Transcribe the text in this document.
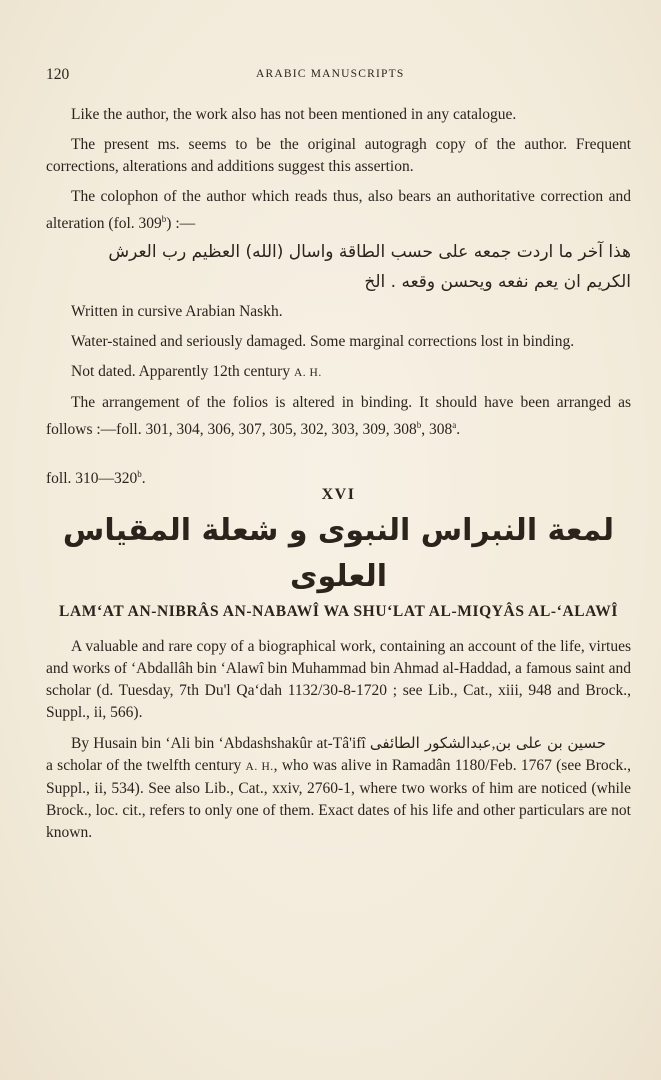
120	ARABIC MANUSCRIPTS

Like the author, the work also has not been mentioned in any catalogue.

The present ms. seems to be the original autogragh copy of the author. Frequent corrections, alterations and additions suggest this assertion.

The colophon of the author which reads thus, also bears an authoritative correction and alteration (fol. 309$^b$) :—

هذا آخر ما اردت جمعه على حسب الطاقة واسال (الله) العظيم رب العرش
الكريم ان يعم نفعه ويحسن وقعه . الخ

Written in cursive Arabian Naskh.

Water-stained and seriously damaged. Some marginal corrections lost in binding.

Not dated. Apparently 12th century A. H.

The arrangement of the folios is altered in binding. It should have been arranged as follows :—foll. 301, 304, 306, 307, 305, 302, 303, 309, 308$^b$, 308$^a$.

foll. 310—320$^b$.

XVI
لمعة النبراس النبوى و شعلة المقياس العلوى
LAM‘AT AN-NIBRÂS AN-NABAWÎ WA SHU‘LAT AL-MIQYÂS AL-‘ALAWÎ

A valuable and rare copy of a biographical work, containing an account of the life, virtues and works of ‘Abdallâh bin ‘Alawî bin Muhammad bin Ahmad al-Haddad, a famous saint and scholar (d. Tuesday, 7th Du'l Qa‘dah 1132/30-8-1720 ; see Lib., Cat., xiii, 948 and Brock., Suppl., ii, 566).

حسين بن على بن
By Husain bin ‘Ali bin ‘Abdashshakûr at-Tâ'ifî عبدالشكور الطائفى, a scholar of the twelfth century A. H., who was alive in Ramadân 1180/Feb. 1767 (see Brock., Suppl., ii, 534). See also Lib., Cat., xxiv, 2760-1, where two works of him are noticed (while Brock., loc. cit., refers to only one of them. Exact dates of his life and other particulars are not known.
